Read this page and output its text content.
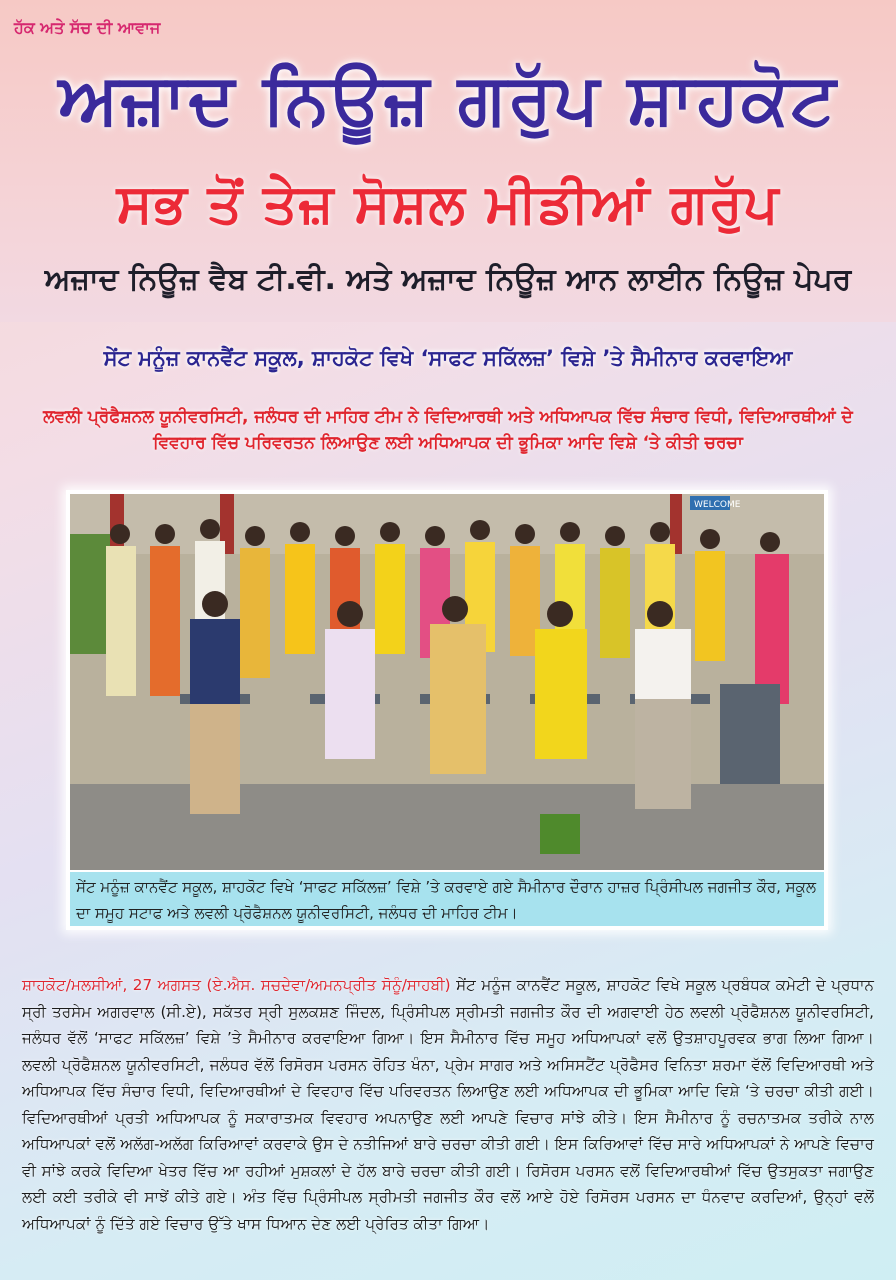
ਹੱਕ ਅਤੇ ਸੱਚ ਦੀ ਆਵਾਜ
ਅਜ਼ਾਦ ਨਿਊਜ਼ ਗਰੁੱਪ ਸ਼ਾਹਕੋਟ
ਸਭ ਤੋਂ ਤੇਜ਼ ਸੋਸ਼ਲ ਮੀਡੀਆਂ ਗਰੁੱਪ
ਅਜ਼ਾਦ ਨਿਊਜ਼ ਵੈਬ ਟੀ.ਵੀ. ਅਤੇ ਅਜ਼ਾਦ ਨਿਊਜ਼ ਆਨ ਲਾਈਨ ਨਿਊਜ਼ ਪੇਪਰ
ਸੇਂਟ ਮਨੂੰਜ਼ ਕਾਨਵੈਂਟ ਸਕੂਲ, ਸ਼ਾਹਕੋਟ ਵਿਖੇ ‘ਸਾਫਟ ਸਕਿੱਲਜ਼’ ਵਿਸ਼ੇ ’ਤੇ ਸੈਮੀਨਾਰ ਕਰਵਾਇਆ
ਲਵਲੀ ਪ੍ਰੋਫੈਸ਼ਨਲ ਯੂਨੀਵਰਸਿਟੀ, ਜਲੰਧਰ ਦੀ ਮਾਹਿਰ ਟੀਮ ਨੇ ਵਿਦਿਆਰਥੀ ਅਤੇ ਅਧਿਆਪਕ ਵਿੱਚ ਸੰਚਾਰ ਵਿਧੀ, ਵਿਦਿਆਰਥੀਆਂ ਦੇ ਵਿਵਹਾਰ ਵਿੱਚ ਪਰਿਵਰਤਨ ਲਿਆਉਣ ਲਈ ਅਧਿਆਪਕ ਦੀ ਭੂਮਿਕਾ ਆਦਿ ਵਿਸ਼ੇ ‘ਤੇ ਕੀਤੀ ਚਰਚਾ
WELCOME
ਸੇਂਟ ਮਨੂੰਜ਼ ਕਾਨਵੈਂਟ ਸਕੂਲ, ਸ਼ਾਹਕੋਟ ਵਿਖੇ ‘ਸਾਫਟ ਸਕਿੱਲਜ਼’ ਵਿਸ਼ੇ ’ਤੇ ਕਰਵਾਏ ਗਏ ਸੈਮੀਨਾਰ ਦੌਰਾਨ ਹਾਜ਼ਰ ਪ੍ਰਿੰਸੀਪਲ ਜਗਜੀਤ ਕੌਰ, ਸਕੂਲ ਦਾ ਸਮੂਹ ਸਟਾਫ ਅਤੇ ਲਵਲੀ ਪ੍ਰੋਫੈਸ਼ਨਲ ਯੂਨੀਵਰਸਿਟੀ, ਜਲੰਧਰ ਦੀ ਮਾਹਿਰ ਟੀਮ।
ਸ਼ਾਹਕੋਟ/ਮਲਸੀਆਂ, 27 ਅਗਸਤ (ਏ.ਐਸ. ਸਚਦੇਵਾ/ਅਮਨਪ੍ਰੀਤ ਸੋਨੂੰ/ਸਾਹਬੀ) ਸੇਂਟ ਮਨੂੰਜ ਕਾਨਵੈਂਟ ਸਕੂਲ, ਸ਼ਾਹਕੋਟ ਵਿਖੇ ਸਕੂਲ ਪ੍ਰਬੰਧਕ ਕਮੇਟੀ ਦੇ ਪ੍ਰਧਾਨ ਸ੍ਰੀ ਤਰਸੇਮ ਅਗਰਵਾਲ (ਸੀ.ਏ), ਸਕੱਤਰ ਸ੍ਰੀ ਸੁਲਕਸ਼ਣ ਜਿੰਦਲ, ਪ੍ਰਿੰਸੀਪਲ ਸ੍ਰੀਮਤੀ ਜਗਜੀਤ ਕੌਰ ਦੀ ਅਗਵਾਈ ਹੇਠ ਲਵਲੀ ਪ੍ਰੋਫੈਸ਼ਨਲ ਯੂਨੀਵਰਸਿਟੀ, ਜਲੰਧਰ ਵੱਲੋਂ ‘ਸਾਫਟ ਸਕਿੱਲਜ਼’ ਵਿਸ਼ੇ ’ਤੇ ਸੈਮੀਨਾਰ ਕਰਵਾਇਆ ਗਿਆ। ਇਸ ਸੈਮੀਨਾਰ ਵਿੱਚ ਸਮੂਹ ਅਧਿਆਪਕਾਂ ਵਲੋਂ ਉਤਸ਼ਾਹਪੂਰਵਕ ਭਾਗ ਲਿਆ ਗਿਆ। ਲਵਲੀ ਪ੍ਰੋਫੈਸ਼ਨਲ ਯੂਨੀਵਰਸਿਟੀ, ਜਲੰਧਰ ਵੱਲੋਂ ਰਿਸੋਰਸ ਪਰਸਨ ਰੋਹਿਤ ਖੰਨਾ, ਪ੍ਰੇਮ ਸਾਗਰ ਅਤੇ ਅਸਿਸਟੈਂਟ ਪ੍ਰੋਫੈਸਰ ਵਿਨਿਤਾ ਸ਼ਰਮਾ ਵੱਲੋਂ ਵਿਦਿਆਰਥੀ ਅਤੇ ਅਧਿਆਪਕ ਵਿੱਚ ਸੰਚਾਰ ਵਿਧੀ, ਵਿਦਿਆਰਥੀਆਂ ਦੇ ਵਿਵਹਾਰ ਵਿੱਚ ਪਰਿਵਰਤਨ ਲਿਆਉਣ ਲਈ ਅਧਿਆਪਕ ਦੀ ਭੂਮਿਕਾ ਆਦਿ ਵਿਸ਼ੇ ‘ਤੇ ਚਰਚਾ ਕੀਤੀ ਗਈ। ਵਿਦਿਆਰਥੀਆਂ ਪ੍ਰਤੀ ਅਧਿਆਪਕ ਨੂੰ ਸਕਾਰਾਤਮਕ ਵਿਵਹਾਰ ਅਪਨਾਉਣ ਲਈ ਆਪਣੇ ਵਿਚਾਰ ਸਾਂਝੇ ਕੀਤੇ। ਇਸ ਸੈਮੀਨਾਰ ਨੂੰ ਰਚਨਾਤਮਕ ਤਰੀਕੇ ਨਾਲ ਅਧਿਆਪਕਾਂ ਵਲੋਂ ਅਲੱਗ-ਅਲੱਗ ਕਿਰਿਆਵਾਂ ਕਰਵਾਕੇ ਉਸ ਦੇ ਨਤੀਜਿਆਂ ਬਾਰੇ ਚਰਚਾ ਕੀਤੀ ਗਈ। ਇਸ ਕਿਰਿਆਵਾਂ ਵਿੱਚ ਸਾਰੇ ਅਧਿਆਪਕਾਂ ਨੇ ਆਪਣੇ ਵਿਚਾਰ ਵੀ ਸਾਂਝੇ ਕਰਕੇ ਵਿਦਿਆ ਖੇਤਰ ਵਿੱਚ ਆ ਰਹੀਆਂ ਮੁਸ਼ਕਲਾਂ ਦੇ ਹੱਲ ਬਾਰੇ ਚਰਚਾ ਕੀਤੀ ਗਈ। ਰਿਸੋਰਸ ਪਰਸਨ ਵਲੋਂ ਵਿਦਿਆਰਥੀਆਂ ਵਿੱਚ ਉਤਸੁਕਤਾ ਜਗਾਉਣ ਲਈ ਕਈ ਤਰੀਕੇ ਵੀ ਸਾਝੇਂ ਕੀਤੇ ਗਏ। ਅੰਤ ਵਿੱਚ ਪ੍ਰਿੰਸੀਪਲ ਸ੍ਰੀਮਤੀ ਜਗਜੀਤ ਕੌਰ ਵਲੋਂ ਆਏ ਹੋਏ ਰਿਸੋਰਸ ਪਰਸਨ ਦਾ ਧੰਨਵਾਦ ਕਰਦਿਆਂ, ਉਨ੍ਹਾਂ ਵਲੋਂ ਅਧਿਆਪਕਾਂ ਨੂੰ ਦਿੱਤੇ ਗਏ ਵਿਚਾਰ ਉੱਤੇ ਖਾਸ ਧਿਆਨ ਦੇਣ ਲਈ ਪ੍ਰੇਰਿਤ ਕੀਤਾ ਗਿਆ।
